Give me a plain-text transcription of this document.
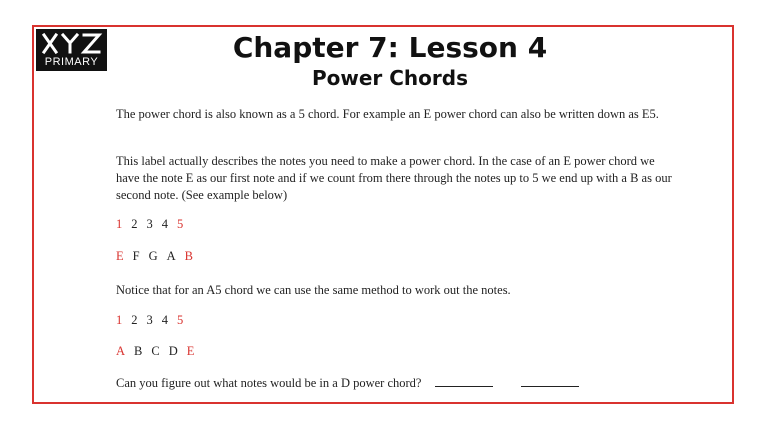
PRIMARY	Chapter 7: Lesson 4
Power Chords

The power chord is also known as a 5 chord. For example an E power chord can also be written down as E5.

This label actually describes the notes you need to make a power chord. In the case of an E power chord we have the note E as our first note and if we count from there through the notes up to 5 we end up with a B as our second note. (See example below)

1 2 3 4 5

E F G A B

Notice that for an A5 chord we can use the same method to work out the notes.

1 2 3 4 5

A B C D E

Can you figure out what notes would be in a D power chord?
